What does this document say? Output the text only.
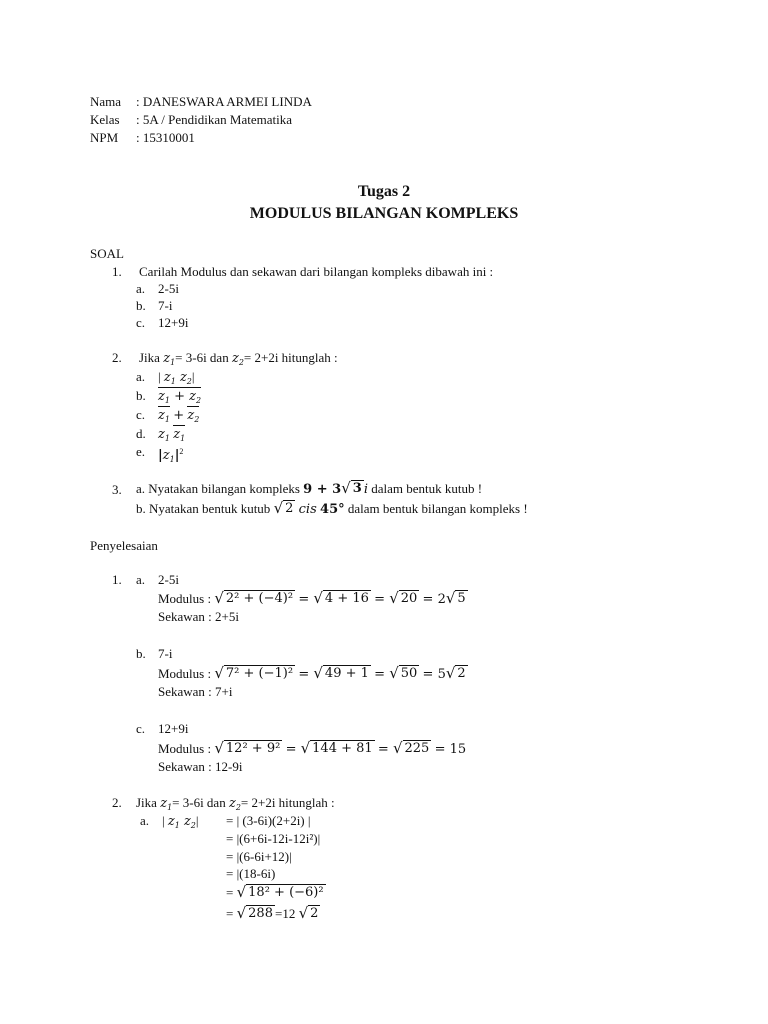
Nama : DANESWARA ARMEI LINDA
Kelas : 5A / Pendidikan Matematika
NPM : 15310001
Tugas 2
MODULUS BILANGAN KOMPLEKS
SOAL
1. Carilah Modulus dan sekawan dari bilangan kompleks dibawah ini :
a. 2-5i
b. 7-i
c. 12+9i
2. Jika $z_1= 3-6i$ dan $z_2= 2+2i$ hitunglah :
a. | $z_1$ $z_2|$
b. $z_1 + z_2$
c. $z_1 + z_2$
d. $z_1$ $z_1$
e. $|z_1|^2$
3. a. Nyatakan bilangan kompleks 9 + 3 √ 3 i dalam bentuk kutub !
b. Nyatakan bentuk kutub √ 2 cis 45° dalam bentuk bilangan kompleks !
Penyelesaian
1. a. 2-5i
Modulus : √ 2² + (−4)² = √ 4 + 16 = √ 20 = 2 √ 5
Sekawan : 2+5i
b. 7-i
Modulus : √ 7² + (−1)² = √ 49 + 1 = √ 50 = 5 √ 2
Sekawan : 7+i
c. 12+9i
Modulus : √ 12² + 9² = √ 144 + 81 = √ 225 = 15
Sekawan : 12-9i
2. Jika $z_1= 3-6i$ dan $z_2= 2+2i$ hitunglah :
a. | $z_1$ $z_2|$ = | (3-6i)(2+2i) |
= |(6+6i-12i-12i²)|
= |(6-6i+12)|
= |(18-6i)
= √ 18² + (−6)²
= √ 288 =12 √ 2
